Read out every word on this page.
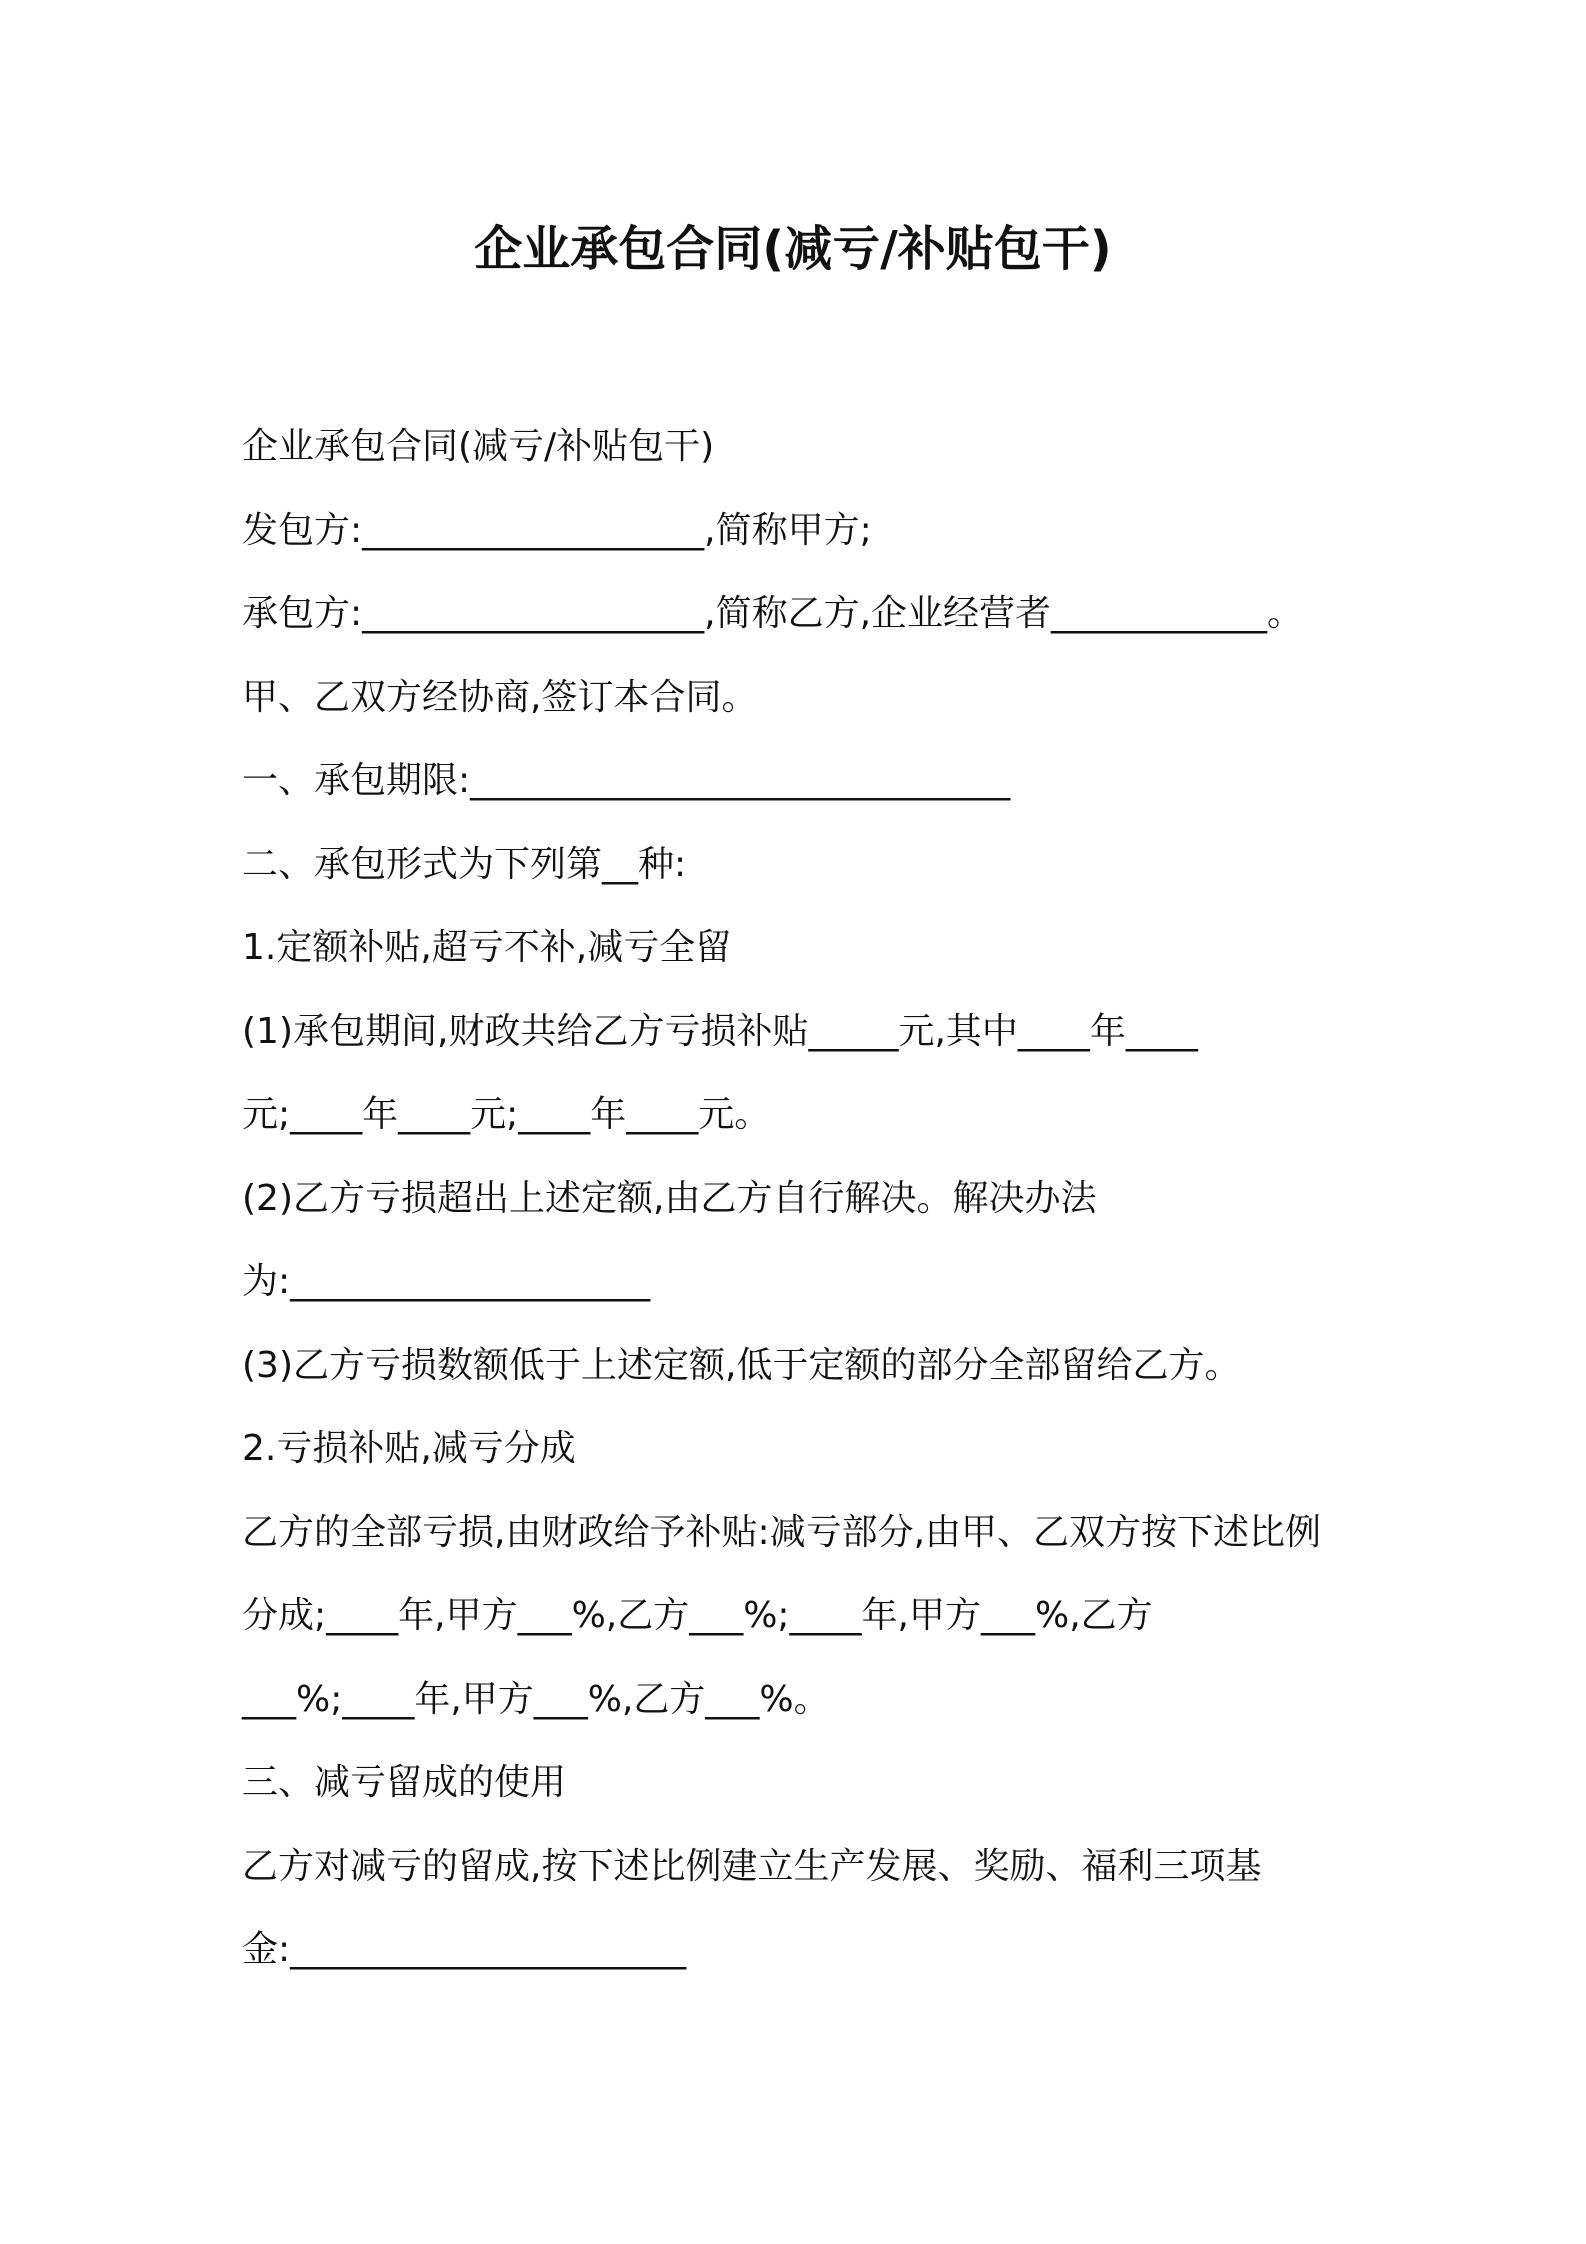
企业承包合同(减亏/补贴包干)
企业承包合同(减亏/补贴包干)
发包方:___________________,简称甲方;
承包方:___________________,简称乙方,企业经营者____________。
甲、乙双方经协商,签订本合同。
一、承包期限:______________________________
二、承包形式为下列第__种:
1.定额补贴,超亏不补,减亏全留
(1)承包期间,财政共给乙方亏损补贴_____元,其中____年____
元;____年____元;____年____元。
(2)乙方亏损超出上述定额,由乙方自行解决。解决办法
为:____________________
(3)乙方亏损数额低于上述定额,低于定额的部分全部留给乙方。
2.亏损补贴,减亏分成
乙方的全部亏损,由财政给予补贴:减亏部分,由甲、乙双方按下述比例
分成;____年,甲方___%,乙方___%;____年,甲方___%,乙方
___%;____年,甲方___%,乙方___%。
三、减亏留成的使用
乙方对减亏的留成,按下述比例建立生产发展、奖励、福利三项基
金:______________________
